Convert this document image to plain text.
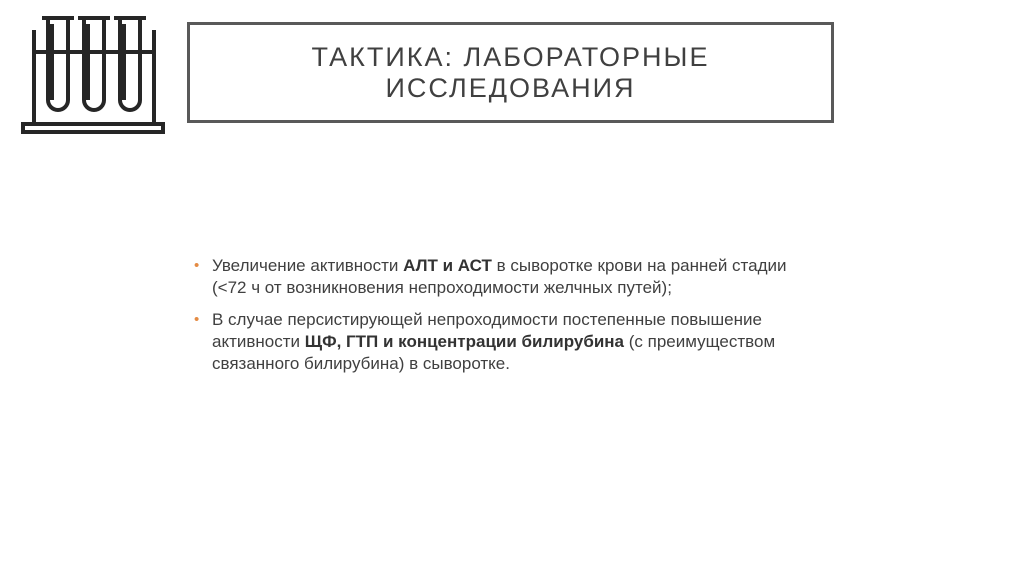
ТАКТИКА: ЛАБОРАТОРНЫЕ
ИССЛЕДОВАНИЯ
• Увеличение активности АЛТ и АСТ в сыворотке крови на ранней стадии (<72 ч от возникновения непроходимости желчных путей);
• В случае персистирующей непроходимости постепенные повышение активности ЩФ, ГТП и концентрации билирубина (с преимуществом связанного билирубина) в сыворотке.
